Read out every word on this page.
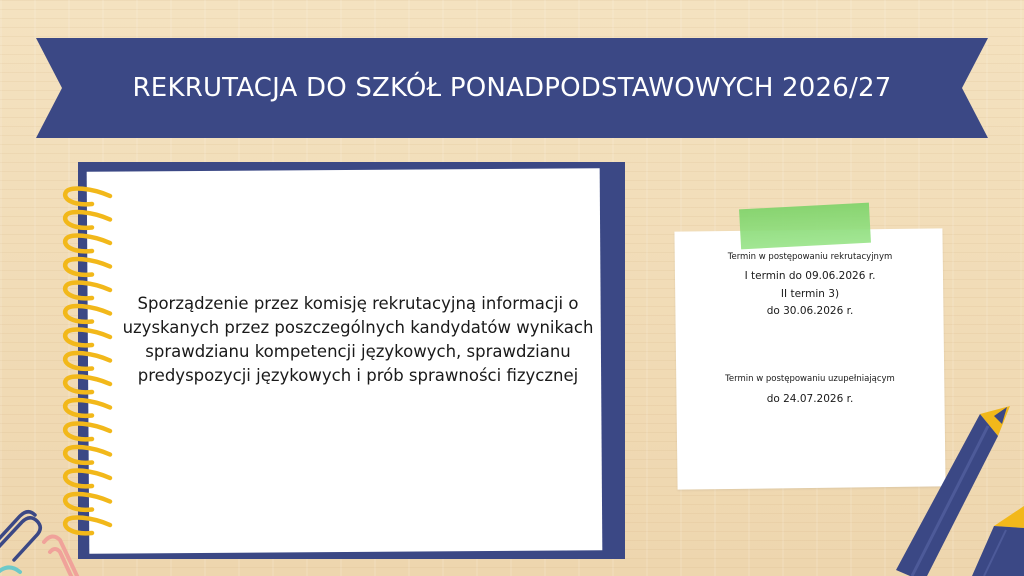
REKRUTACJA DO SZKÓŁ PONADPODSTAWOWYCH 2026/27
Sporządzenie przez komisję rekrutacyjną informacji o uzyskanych przez poszczególnych kandydatów wynikach sprawdzianu kompetencji językowych, sprawdzianu predyspozycji językowych i prób sprawności fizycznej
Termin w postępowaniu rekrutacyjnym
I termin do 09.06.2026 r.
II termin 3)
do 30.06.2026 r.
Termin w postępowaniu uzupełniającym
do 24.07.2026 r.
